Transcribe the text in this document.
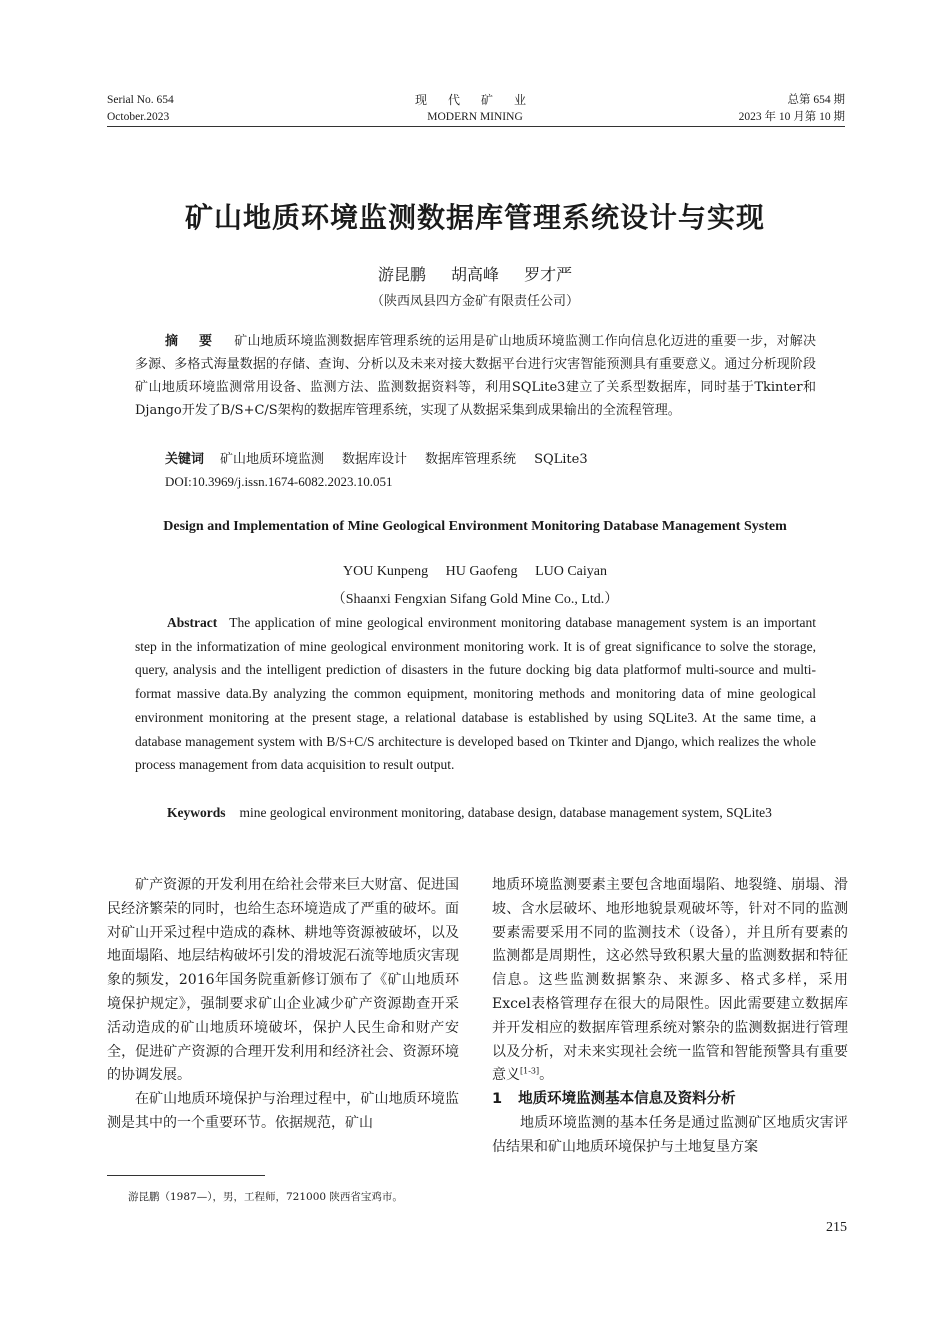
Serial No. 654
October.2023
现 代 矿 业
MODERN MINING
总第 654 期
2023 年 10 月第 10 期
矿山地质环境监测数据库管理系统设计与实现
游昆鹏 胡高峰 罗才严
（陕西凤县四方金矿有限责任公司）
摘 要 矿山地质环境监测数据库管理系统的运用是矿山地质环境监测工作向信息化迈进的重要一步，对解决多源、多格式海量数据的存储、查询、分析以及未来对接大数据平台进行灾害智能预测具有重要意义。通过分析现阶段矿山地质环境监测常用设备、监测方法、监测数据资料等，利用SQLite3建立了关系型数据库，同时基于Tkinter和Django开发了B/S+C/S架构的数据库管理系统，实现了从数据采集到成果输出的全流程管理。
关键词 矿山地质环境监测 数据库设计 数据库管理系统 SQLite3
DOI:10.3969/j.issn.1674-6082.2023.10.051
Design and Implementation of Mine Geological Environment Monitoring Database Management System
YOU Kunpeng HU Gaofeng LUO Caiyan
（Shaanxi Fengxian Sifang Gold Mine Co., Ltd.）
Abstract The application of mine geological environment monitoring database management system is an important step in the informatization of mine geological environment monitoring work. It is of great significance to solve the storage, query, analysis and the intelligent prediction of disasters in the future docking big data platformof multi-source and multi-format massive data.By analyzing the common equipment, monitoring methods and monitoring data of mine geological environment monitoring at the present stage, a relational database is established by using SQLite3. At the same time, a database management system with B/S+C/S architecture is developed based on Tkinter and Django, which realizes the whole process management from data acquisition to result output.
Keywords mine geological environment monitoring, database design, database management system, SQLite3

矿产资源的开发利用在给社会带来巨大财富、促进国民经济繁荣的同时，也给生态环境造成了严重的破坏。面对矿山开采过程中造成的森林、耕地等资源被破坏，以及地面塌陷、地层结构破坏引发的滑坡泥石流等地质灾害现象的频发，2016年国务院重新修订颁布了《矿山地质环境保护规定》，强制要求矿山企业减少矿产资源勘查开采活动造成的矿山地质环境破坏，保护人民生命和财产安全，促进矿产资源的合理开发利用和经济社会、资源环境的协调发展。

在矿山地质环境保护与治理过程中，矿山地质环境监测是其中的一个重要环节。依据规范，矿山

地质环境监测要素主要包含地面塌陷、地裂缝、崩塌、滑坡、含水层破坏、地形地貌景观破坏等，针对不同的监测要素需要采用不同的监测技术（设备），并且所有要素的监测都是周期性，这必然导致积累大量的监测数据和特征信息。这些监测数据繁杂、来源多、格式多样，采用Excel表格管理存在很大的局限性。因此需要建立数据库并开发相应的数据库管理系统对繁杂的监测数据进行管理以及分析，对未来实现社会统一监管和智能预警具有重要意义[1-3]。

1 地质环境监测基本信息及资料分析

地质环境监测的基本任务是通过监测矿区地质灾害评估结果和矿山地质环境保护与土地复垦方案

游昆鹏（1987—），男，工程师，721000 陕西省宝鸡市。
215
